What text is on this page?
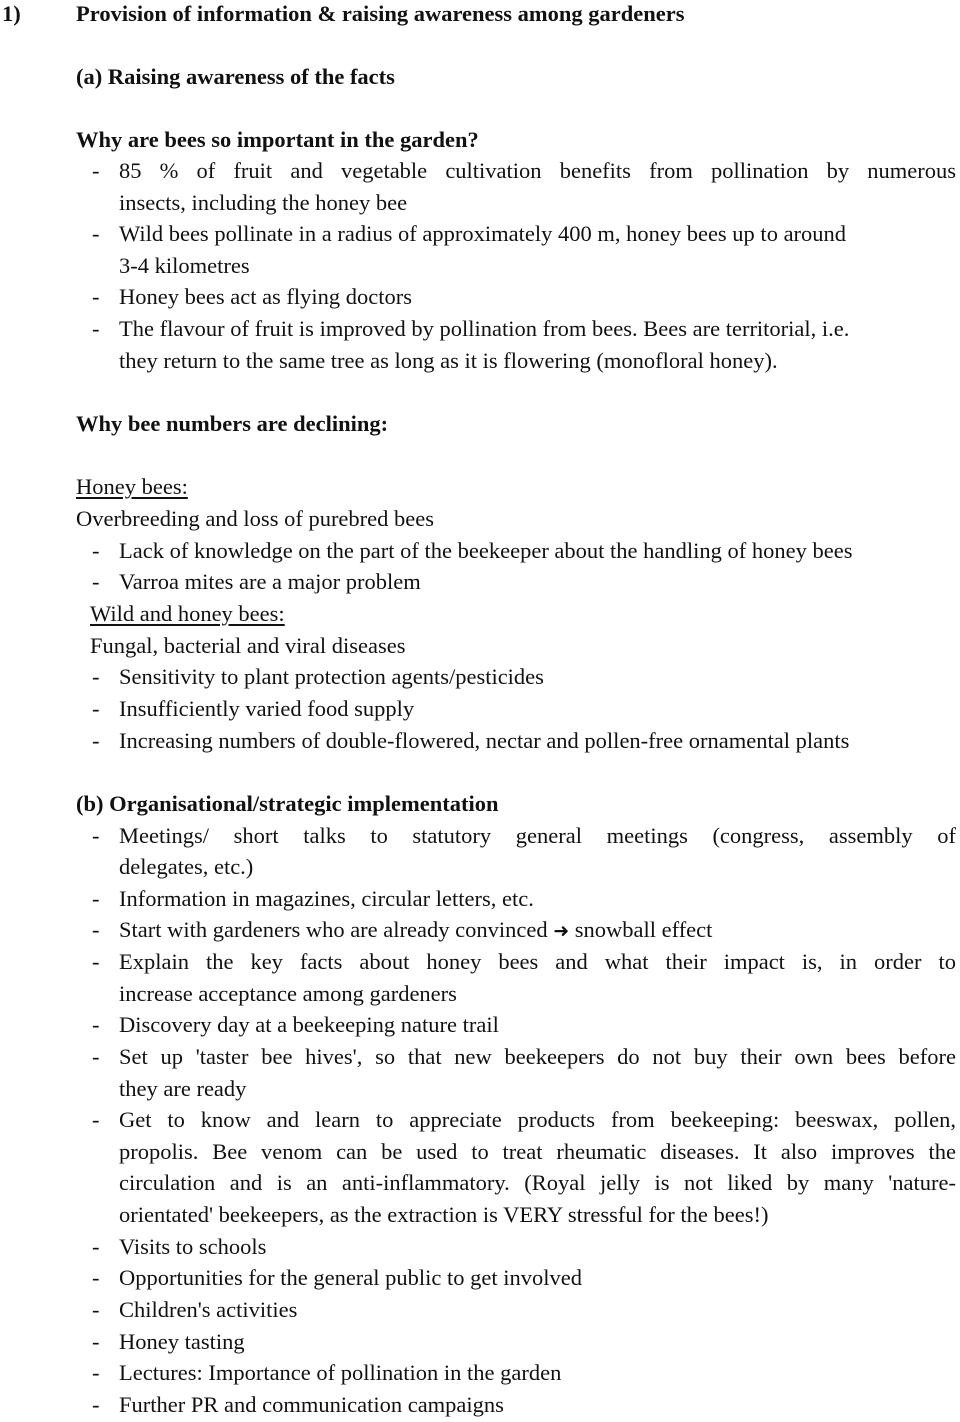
1) Provision of information & raising awareness among gardeners
(a) Raising awareness of the facts
Why are bees so important in the garden?
- 85 % of fruit and vegetable cultivation benefits from pollination by numerous
insects, including the honey bee
- Wild bees pollinate in a radius of approximately 400 m, honey bees up to around
3-4 kilometres
- Honey bees act as flying doctors
- The flavour of fruit is improved by pollination from bees. Bees are territorial, i.e.
they return to the same tree as long as it is flowering (monofloral honey).
Why bee numbers are declining:
Honey bees:
Overbreeding and loss of purebred bees
- Lack of knowledge on the part of the beekeeper about the handling of honey bees
- Varroa mites are a major problem
Wild and honey bees:
Fungal, bacterial and viral diseases
- Sensitivity to plant protection agents/pesticides
- Insufficiently varied food supply
- Increasing numbers of double-flowered, nectar and pollen-free ornamental plants
(b) Organisational/strategic implementation
- Meetings/ short talks to statutory general meetings (congress, assembly of
delegates, etc.)
- Information in magazines, circular letters, etc.
- Start with gardeners who are already convinced ➜ snowball effect
- Explain the key facts about honey bees and what their impact is, in order to
increase acceptance among gardeners
- Discovery day at a beekeeping nature trail
- Set up 'taster bee hives', so that new beekeepers do not buy their own bees before
they are ready
- Get to know and learn to appreciate products from beekeeping: beeswax, pollen,
propolis. Bee venom can be used to treat rheumatic diseases. It also improves the
circulation and is an anti-inflammatory. (Royal jelly is not liked by many 'nature-
orientated' beekeepers, as the extraction is VERY stressful for the bees!)
- Visits to schools
- Opportunities for the general public to get involved
- Children's activities
- Honey tasting
- Lectures: Importance of pollination in the garden
- Further PR and communication campaigns
